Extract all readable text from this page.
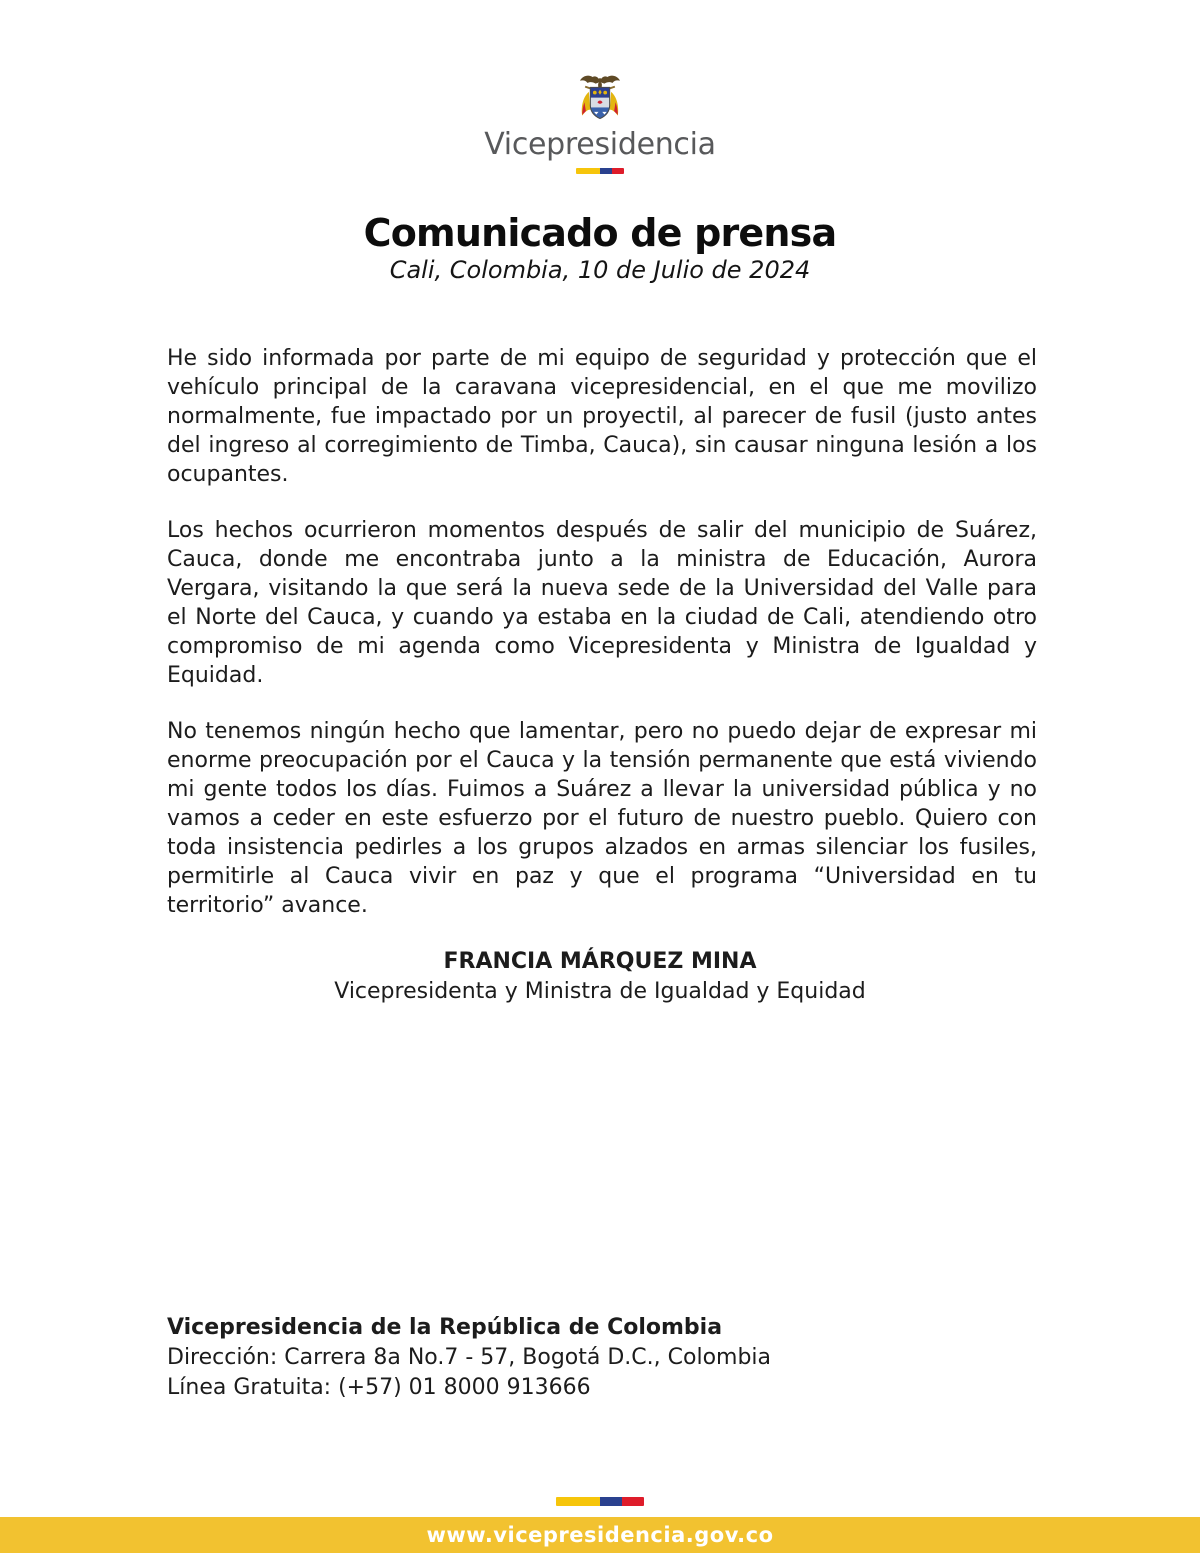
Vicepresidencia
Comunicado de prensa
Cali, Colombia, 10 de Julio de 2024

He sido informada por parte de mi equipo de seguridad y protección que el vehículo principal de la caravana vicepresidencial, en el que me movilizo normalmente, fue impactado por un proyectil, al parecer de fusil (justo antes del ingreso al corregimiento de Timba, Cauca), sin causar ninguna lesión a los ocupantes.

Los hechos ocurrieron momentos después de salir del municipio de Suárez, Cauca, donde me encontraba junto a la ministra de Educación, Aurora Vergara, visitando la que será la nueva sede de la Universidad del Valle para el Norte del Cauca, y cuando ya estaba en la ciudad de Cali, atendiendo otro compromiso de mi agenda como Vicepresidenta y Ministra de Igualdad y Equidad.

No tenemos ningún hecho que lamentar, pero no puedo dejar de expresar mi enorme preocupación por el Cauca y la tensión permanente que está viviendo mi gente todos los días. Fuimos a Suárez a llevar la universidad pública y no vamos a ceder en este esfuerzo por el futuro de nuestro pueblo. Quiero con toda insistencia pedirles a los grupos alzados en armas silenciar los fusiles, permitirle al Cauca vivir en paz y que el programa “Universidad en tu territorio” avance.

FRANCIA MÁRQUEZ MINA
Vicepresidenta y Ministra de Igualdad y Equidad
Vicepresidencia de la República de Colombia
Dirección: Carrera 8a No.7 - 57, Bogotá D.C., Colombia
Línea Gratuita: (+57) 01 8000 913666
www.vicepresidencia.gov.co
